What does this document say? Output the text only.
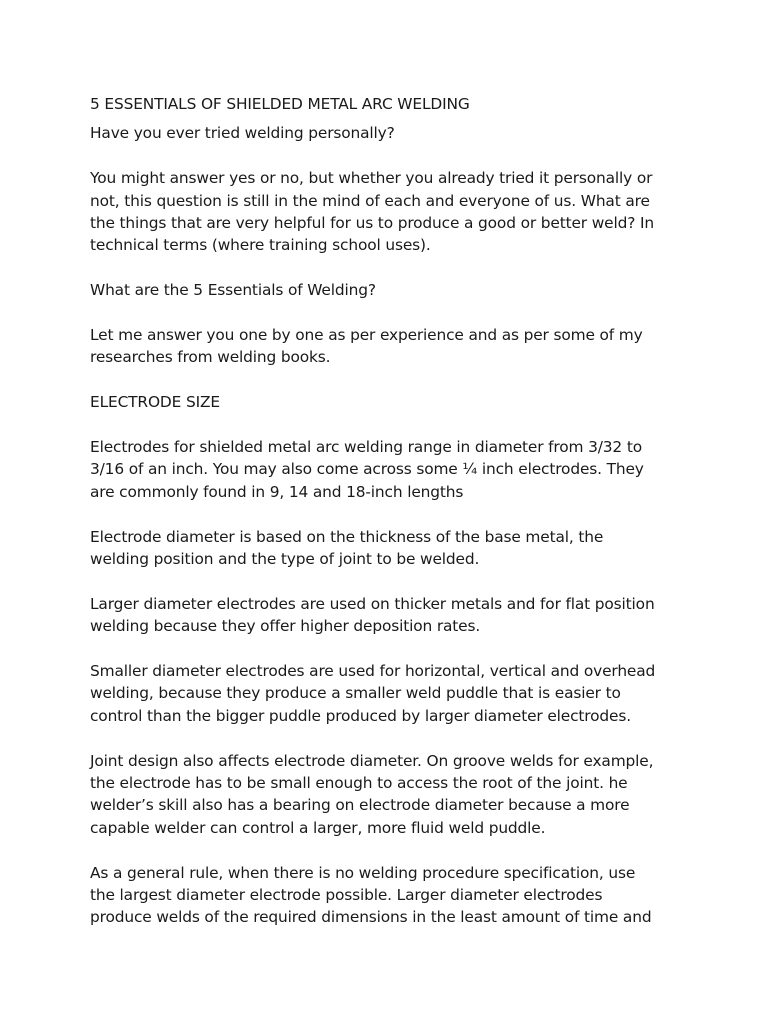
5 ESSENTIALS OF SHIELDED METAL ARC WELDING

Have you ever tried welding personally?

You might answer yes or no, but whether you already tried it personally or
not, this question is still in the mind of each and everyone of us. What are
the things that are very helpful for us to produce a good or better weld? In
technical terms (where training school uses).

What are the 5 Essentials of Welding?

Let me answer you one by one as per experience and as per some of my
researches from welding books.

ELECTRODE SIZE

Electrodes for shielded metal arc welding range in diameter from 3/32 to
3/16 of an inch. You may also come across some ¼ inch electrodes. They
are commonly found in 9, 14 and 18-inch lengths

Electrode diameter is based on the thickness of the base metal, the
welding position and the type of joint to be welded.

Larger diameter electrodes are used on thicker metals and for flat position
welding because they offer higher deposition rates.

Smaller diameter electrodes are used for horizontal, vertical and overhead
welding, because they produce a smaller weld puddle that is easier to
control than the bigger puddle produced by larger diameter electrodes.

Joint design also affects electrode diameter. On groove welds for example,
the electrode has to be small enough to access the root of the joint. he
welder’s skill also has a bearing on electrode diameter because a more
capable welder can control a larger, more fluid weld puddle.

As a general rule, when there is no welding procedure specification, use
the largest diameter electrode possible. Larger diameter electrodes
produce welds of the required dimensions in the least amount of time and
